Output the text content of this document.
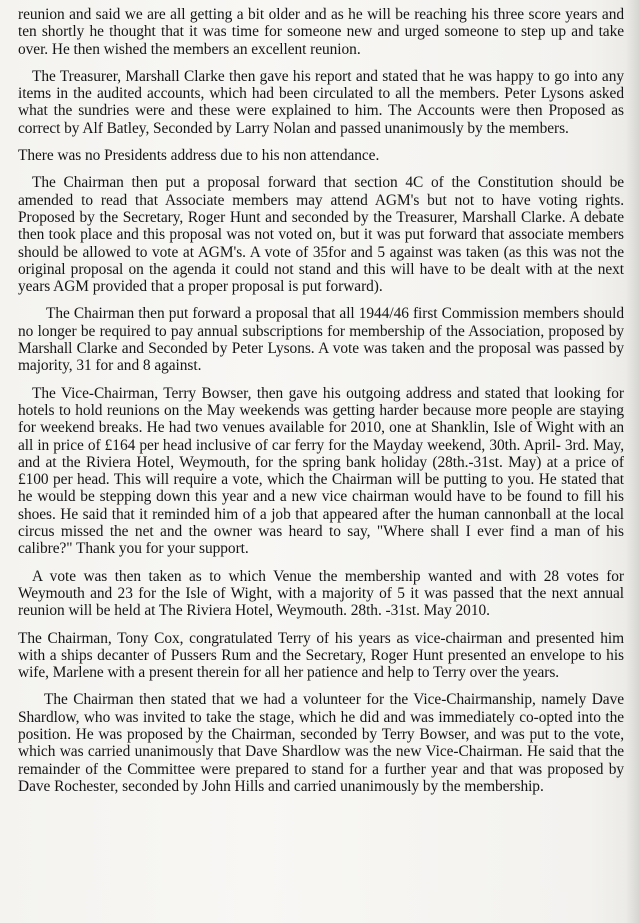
reunion and said we are all getting a bit older and as he will be reaching his three score years and ten shortly he thought that it was time for someone new and urged someone to step up and take over. He then wished the members an excellent reunion.

The Treasurer, Marshall Clarke then gave his report and stated that he was happy to go into any items in the audited accounts, which had been circulated to all the members. Peter Lysons asked what the sundries were and these were explained to him. The Accounts were then Proposed as correct by Alf Batley, Seconded by Larry Nolan and passed unanimously by the members.

There was no Presidents address due to his non attendance.

The Chairman then put a proposal forward that section 4C of the Constitution should be amended to read that Associate members may attend AGM's but not to have voting rights. Proposed by the Secretary, Roger Hunt and seconded by the Treasurer, Marshall Clarke. A debate then took place and this proposal was not voted on, but it was put forward that associate members should be allowed to vote at AGM's. A vote of 35for and 5 against was taken (as this was not the original proposal on the agenda it could not stand and this will have to be dealt with at the next years AGM provided that a proper proposal is put forward).

The Chairman then put forward a proposal that all 1944/46 first Commission members should no longer be required to pay annual subscriptions for membership of the Association, proposed by Marshall Clarke and Seconded by Peter Lysons. A vote was taken and the proposal was passed by majority, 31 for and 8 against.

The Vice-Chairman, Terry Bowser, then gave his outgoing address and stated that looking for hotels to hold reunions on the May weekends was getting harder because more people are staying for weekend breaks. He had two venues available for 2010, one at Shanklin, Isle of Wight with an all in price of £164 per head inclusive of car ferry for the Mayday weekend, 30th. April- 3rd. May, and at the Riviera Hotel, Weymouth, for the spring bank holiday (28th.-31st. May) at a price of £100 per head. This will require a vote, which the Chairman will be putting to you. He stated that he would be stepping down this year and a new vice chairman would have to be found to fill his shoes. He said that it reminded him of a job that appeared after the human cannonball at the local circus missed the net and the owner was heard to say, "Where shall I ever find a man of his calibre?" Thank you for your support.

A vote was then taken as to which Venue the membership wanted and with 28 votes for Weymouth and 23 for the Isle of Wight, with a majority of 5 it was passed that the next annual reunion will be held at The Riviera Hotel, Weymouth. 28th. -31st. May 2010.

The Chairman, Tony Cox, congratulated Terry of his years as vice-chairman and presented him with a ships decanter of Pussers Rum and the Secretary, Roger Hunt presented an envelope to his wife, Marlene with a present therein for all her patience and help to Terry over the years.

The Chairman then stated that we had a volunteer for the Vice-Chairmanship, namely Dave Shardlow, who was invited to take the stage, which he did and was immediately co-opted into the position. He was proposed by the Chairman, seconded by Terry Bowser, and was put to the vote, which was carried unanimously that Dave Shardlow was the new Vice-Chairman. He said that the remainder of the Committee were prepared to stand for a further year and that was proposed by Dave Rochester, seconded by John Hills and carried unanimously by the membership.
